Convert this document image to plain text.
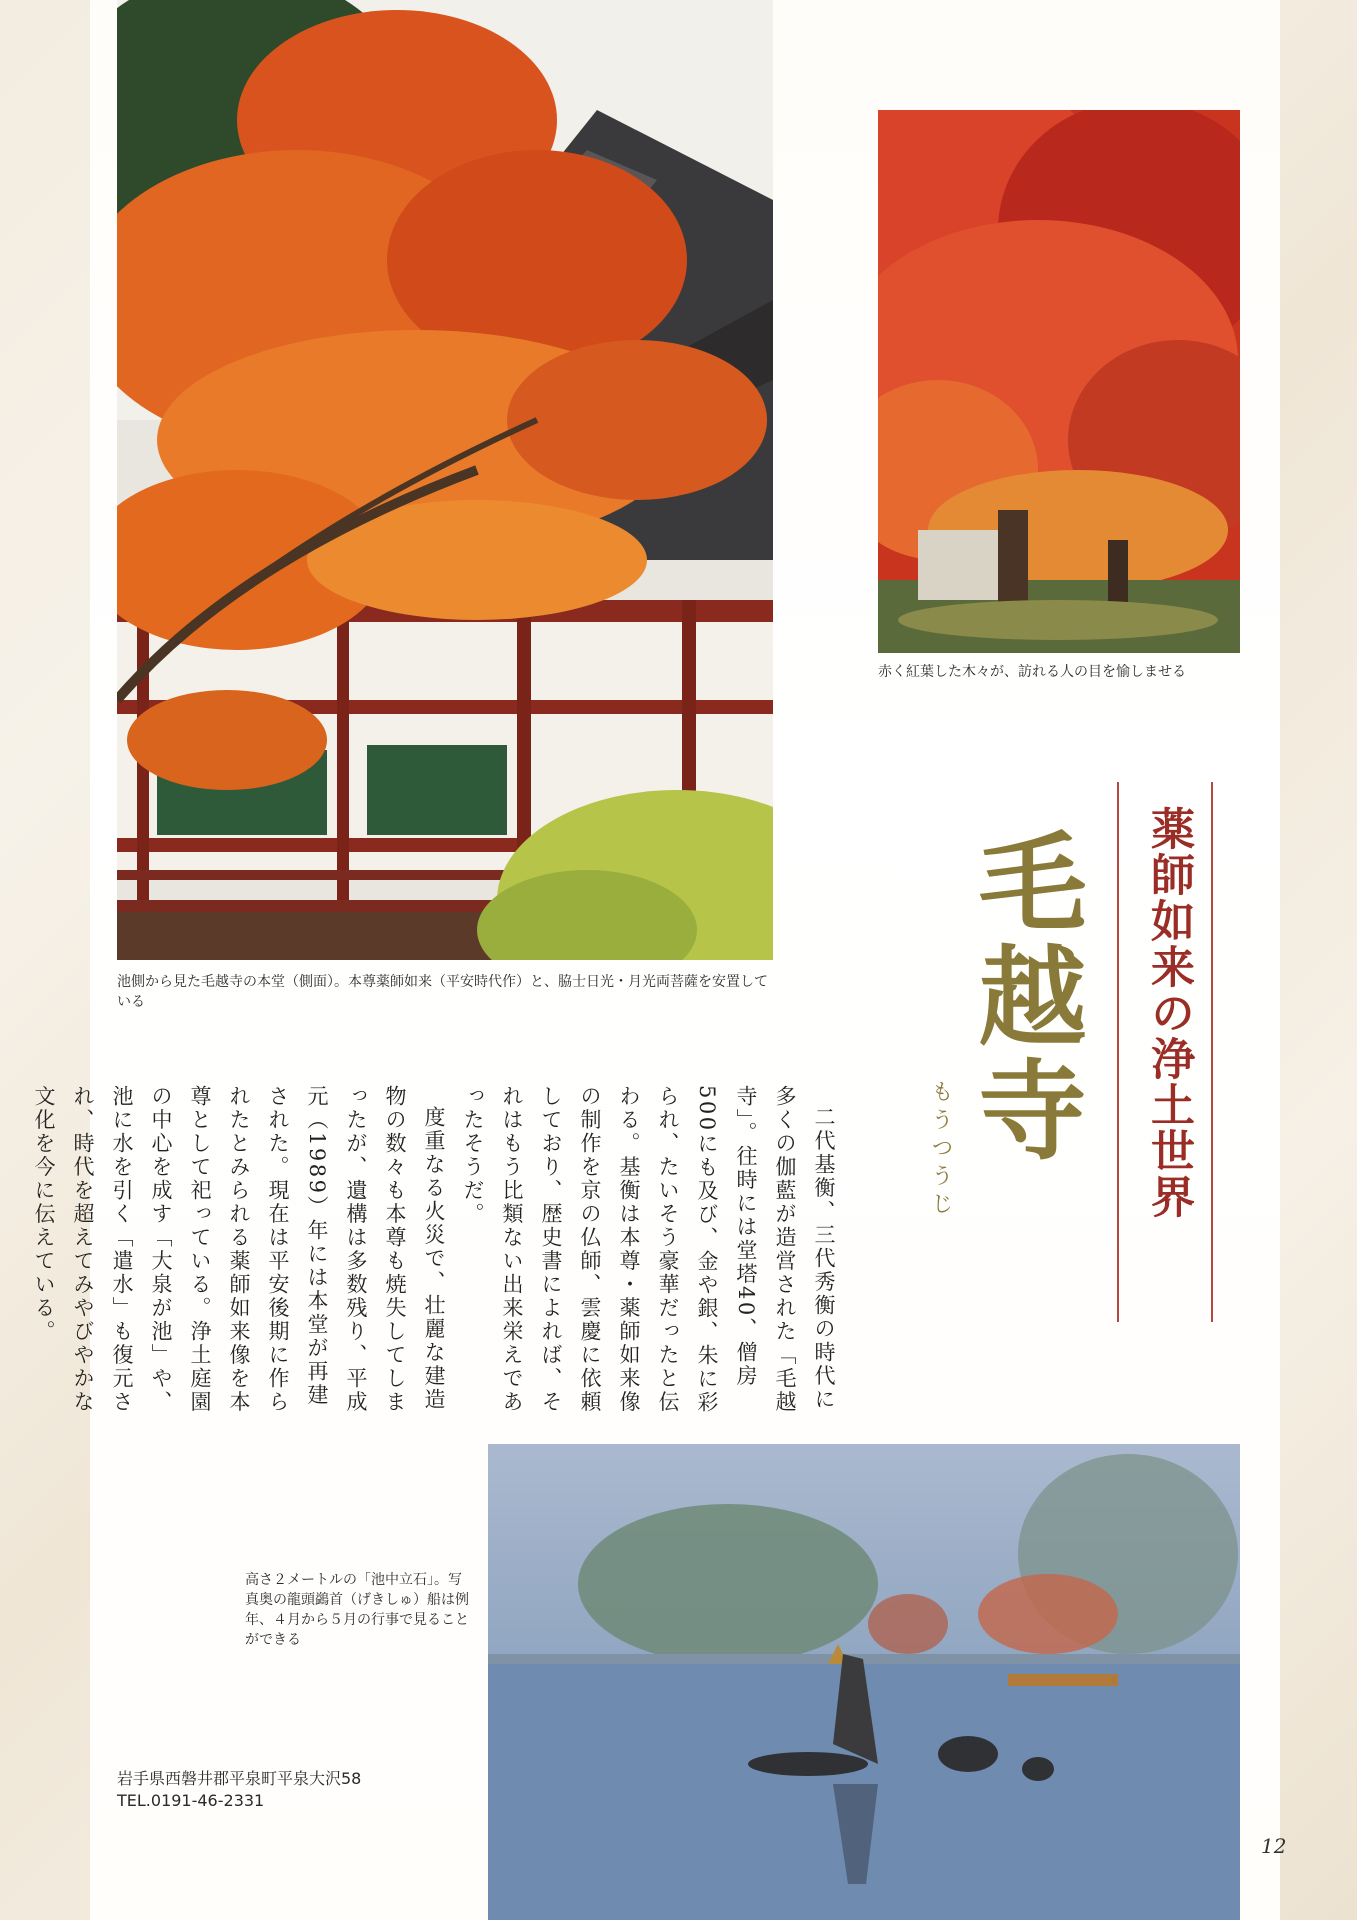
池側から見た毛越寺の本堂（側面）。本尊薬師如来（平安時代作）と、脇士日光・月光両菩薩を安置している
赤く紅葉した木々が、訪れる人の目を愉しませる
高さ２メートルの「池中立石」。写真奥の龍頭鷁首（げきしゅ）船は例年、４月から５月の行事で見ることができる
薬師如来の浄土世界
毛越寺
もうつうじ

二代基衡、三代秀衡の時代に多くの伽藍が造営された「毛越寺」。往時には堂塔40、僧房500にも及び、金や銀、朱に彩られ、たいそう豪華だったと伝わる。基衡は本尊・薬師如来像の制作を京の仏師、雲慶に依頼しており、歴史書によれば、それはもう比類ない出来栄えであったそうだ。

度重なる火災で、壮麗な建造物の数々も本尊も焼失してしまったが、遺構は多数残り、平成元（1989）年には本堂が再建された。現在は平安後期に作られたとみられる薬師如来像を本尊として祀っている。浄土庭園の中心を成す「大泉が池」や、池に水を引く「遣水」も復元され、時代を超えてみやびやかな文化を今に伝えている。

岩手県西磐井郡平泉町平泉大沢58
TEL.0191-46-2331
12
